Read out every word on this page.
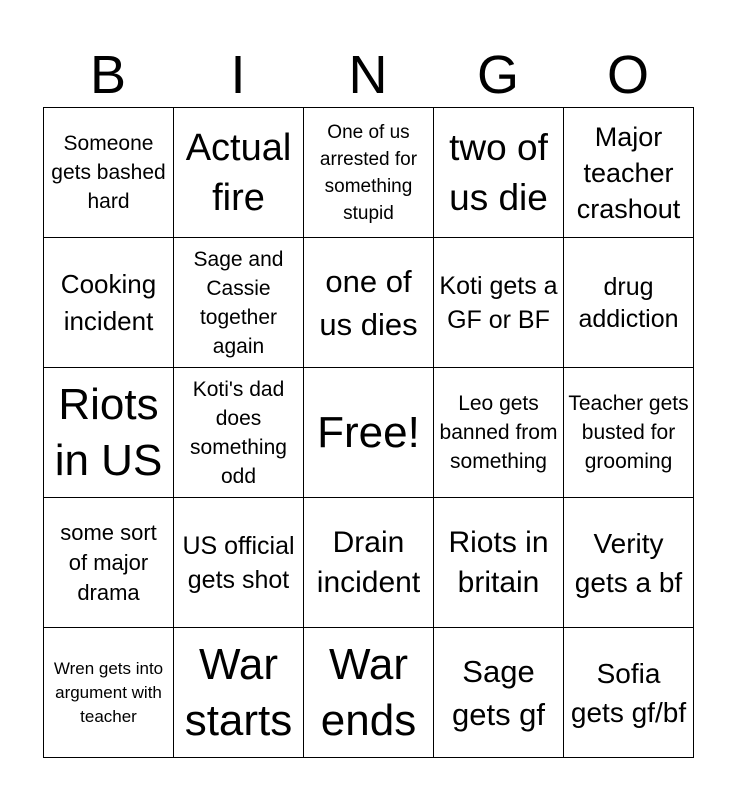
B	I	N	G	O
Someone gets bashed hard	Actual fire	One of us arrested for something stupid	two of us die	Major teacher crashout

Cooking incident	Sage and Cassie together again	one of us dies	Koti gets a GF or BF	drug addiction

Riots in US	Koti's dad does something odd	Free!	Leo gets banned from something	Teacher gets busted for grooming

some sort of major drama	US official gets shot	Drain incident	Riots in britain	Verity gets a bf

Wren gets into argument with teacher	War starts	War ends	Sage gets gf	Sofia gets gf/bf
